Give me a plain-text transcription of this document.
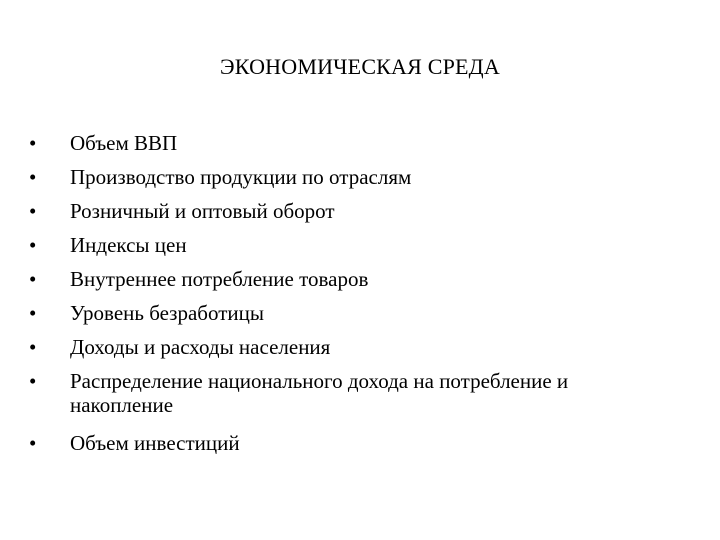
ЭКОНОМИЧЕСКАЯ СРЕДА
• Объем ВВП
• Производство продукции по отраслям
• Розничный и оптовый оборот
• Индексы цен
• Внутреннее потребление товаров
• Уровень безработицы
• Доходы и расходы населения
• Распределение национального дохода на потребление и накопление
• Объем инвестиций
